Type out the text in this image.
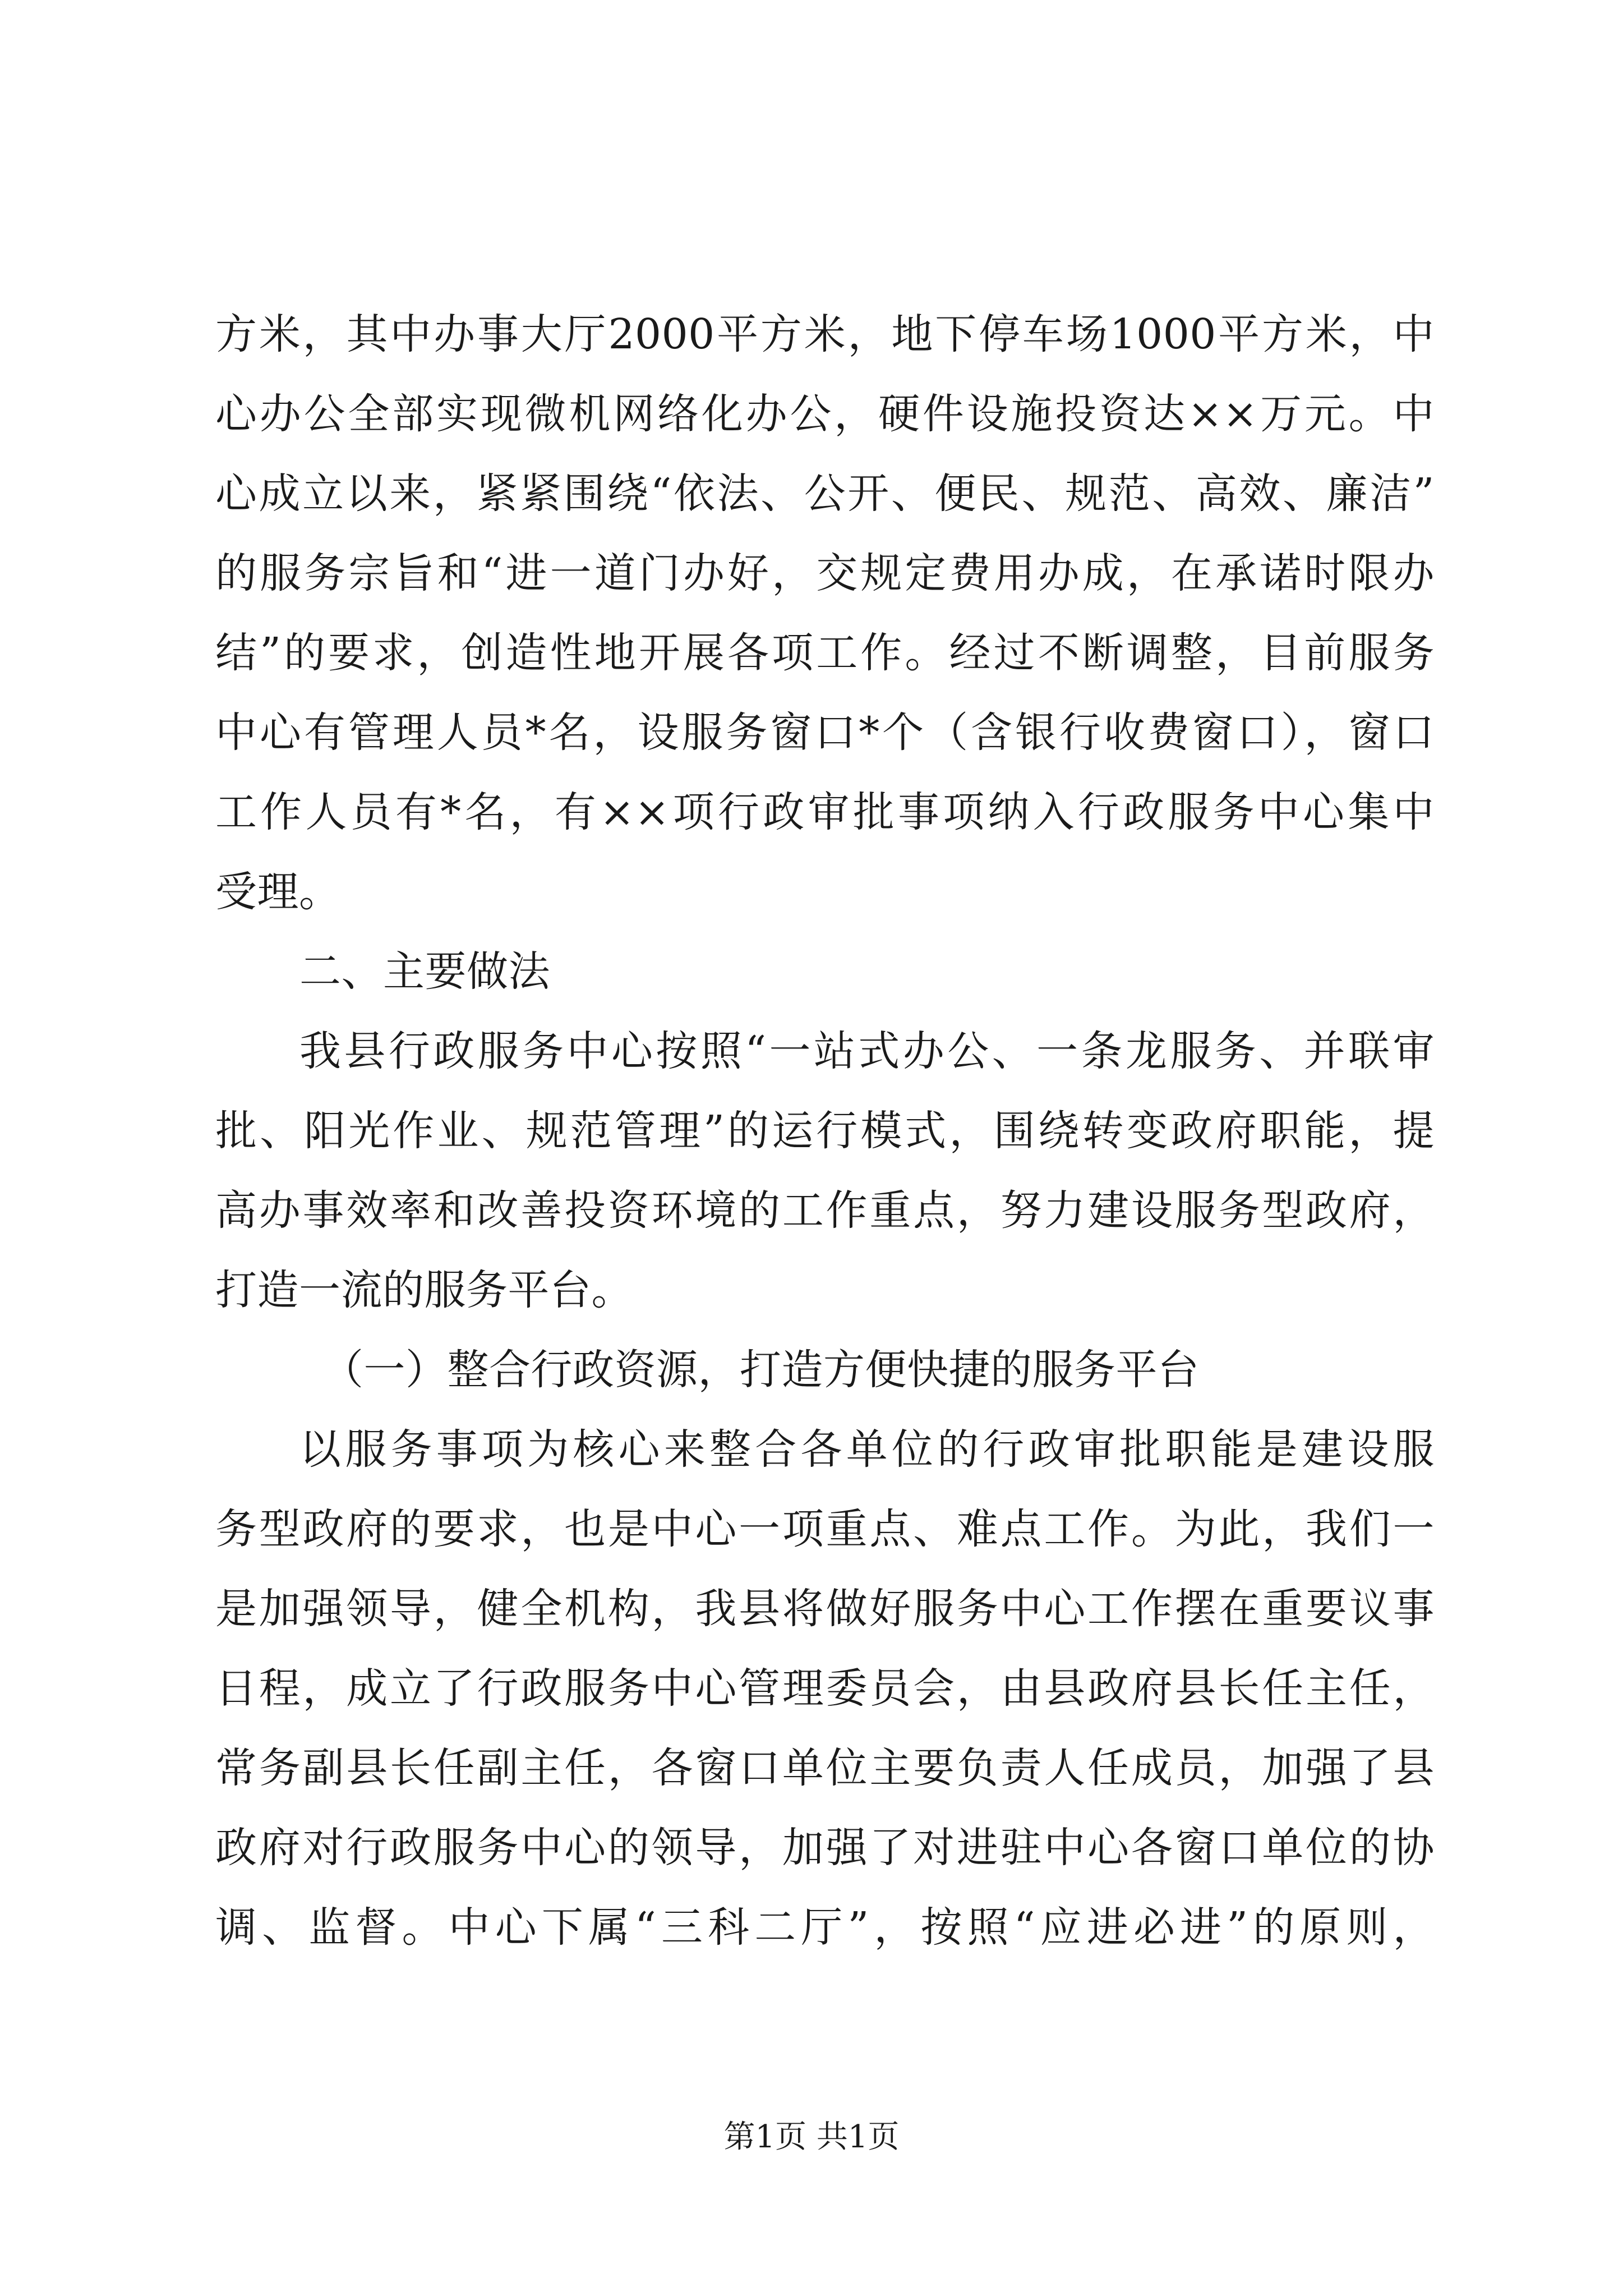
方米，其中办事大厅2000平方米，地下停车场1000平方米，中
心办公全部实现微机网络化办公，硬件设施投资达××万元。中
心成立以来，紧紧围绕“依法、公开、便民、规范、高效、廉洁”
的服务宗旨和“进一道门办好，交规定费用办成，在承诺时限办
结”的要求，创造性地开展各项工作。经过不断调整，目前服务
中心有管理人员*名，设服务窗口*个（含银行收费窗口），窗口
工作人员有*名，有××项行政审批事项纳入行政服务中心集中
受理。
二、主要做法
我县行政服务中心按照“一站式办公、一条龙服务、并联审
批、阳光作业、规范管理”的运行模式，围绕转变政府职能，提
高办事效率和改善投资环境的工作重点，努力建设服务型政府，
打造一流的服务平台。
（一）整合行政资源，打造方便快捷的服务平台
以服务事项为核心来整合各单位的行政审批职能是建设服
务型政府的要求，也是中心一项重点、难点工作。为此，我们一
是加强领导，健全机构，我县将做好服务中心工作摆在重要议事
日程，成立了行政服务中心管理委员会，由县政府县长任主任，
常务副县长任副主任，各窗口单位主要负责人任成员，加强了县
政府对行政服务中心的领导，加强了对进驻中心各窗口单位的协
调、监督。中心下属“三科二厅”，按照“应进必进”的原则，
第1页 共1页
